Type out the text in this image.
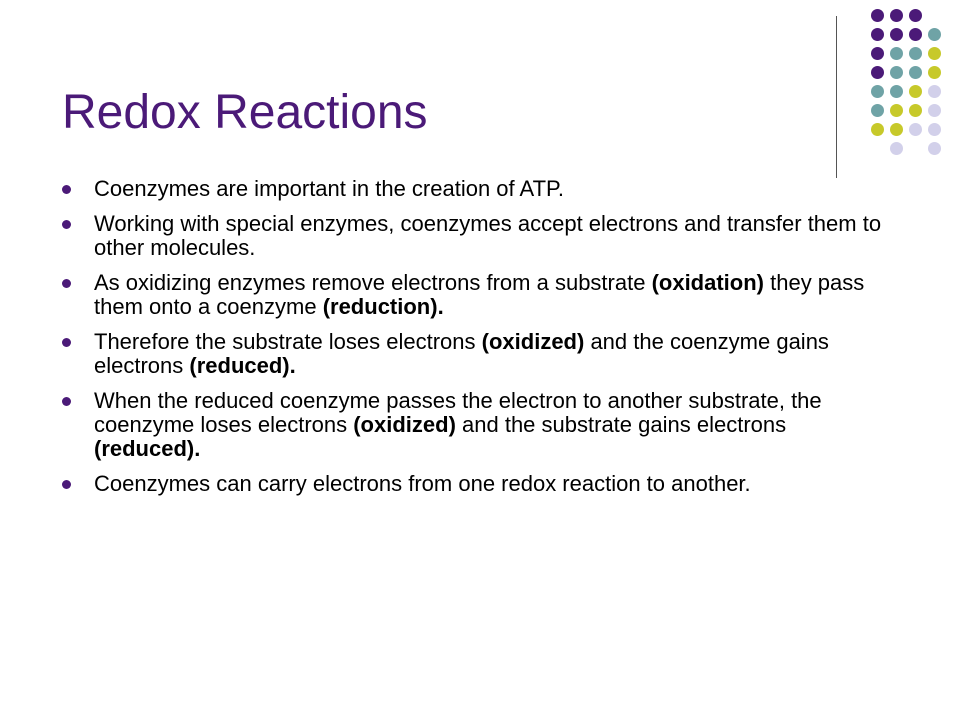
Redox Reactions
Coenzymes are important in the creation of ATP.
Working with special enzymes, coenzymes accept electrons and transfer them to other molecules.
As oxidizing enzymes remove electrons from a substrate (oxidation) they pass them onto a coenzyme (reduction).
Therefore the substrate loses electrons (oxidized) and the coenzyme gains electrons (reduced).
When the reduced coenzyme passes the electron to another substrate, the coenzyme loses electrons (oxidized) and the substrate gains electrons (reduced).
Coenzymes can carry electrons from one redox reaction to another.
